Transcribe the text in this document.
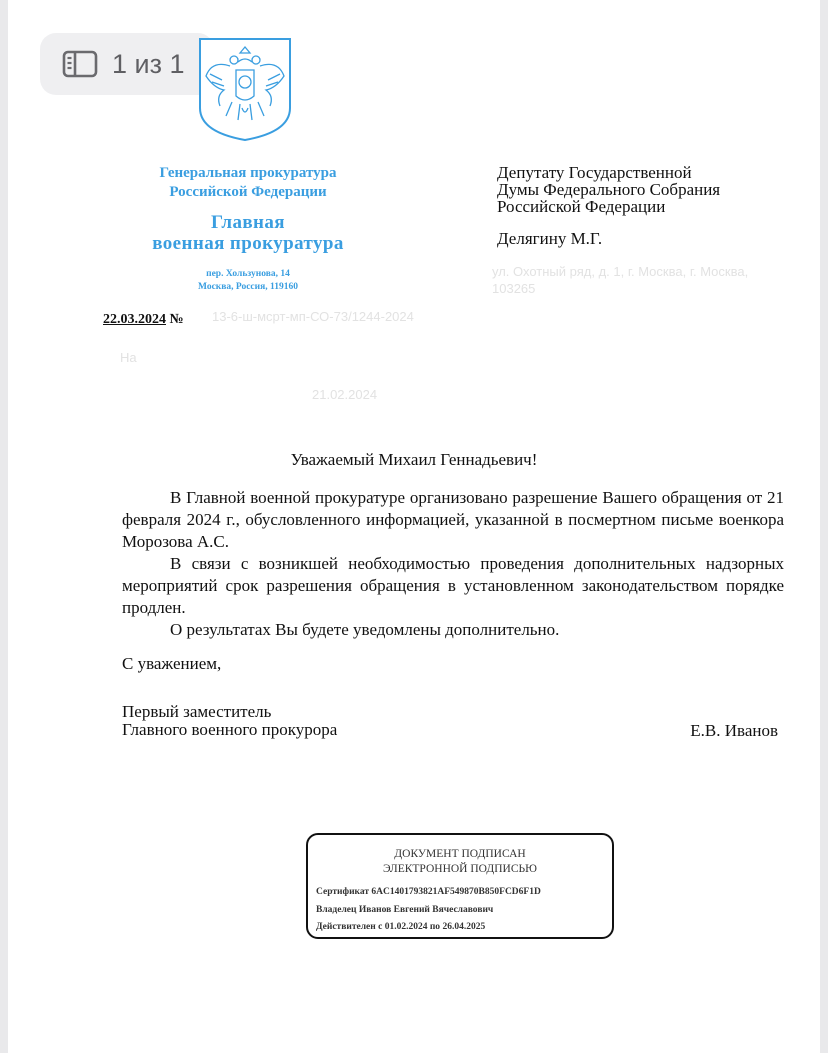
1 из 1
Генеральная прокуратура
Российской Федерации
Главная
военная прокуратура
пер. Хользунова, 14
Москва, Россия, 119160
Депутату Государственной
Думы Федерального Собрания
Российской Федерации
Делягину М.Г.
ул. Охотный ряд, д. 1, г. Москва, г. Москва,
103265
22.03.2024 № 13-6-ш-мсрт-мп-СО-73/1244-2024
На
21.02.2024
Уважаемый Михаил Геннадьевич!

В Главной военной прокуратуре организовано разрешение Вашего обращения от 21 февраля 2024 г., обусловленного информацией, указанной в посмертном письме военкора Морозова А.С.

В связи с возникшей необходимостью проведения дополнительных надзорных мероприятий срок разрешения обращения в установленном законодательством порядке продлен.

О результатах Вы будете уведомлены дополнительно.

С уважением,
Первый заместитель
Главного военного прокурора	Е.В. Иванов
ДОКУМЕНТ ПОДПИСАН
ЭЛЕКТРОННОЙ ПОДПИСЬЮ
Сертификат 6AC1401793821AF549870B850FCD6F1D
Владелец Иванов Евгений Вячеславович
Действителен с 01.02.2024 по 26.04.2025
